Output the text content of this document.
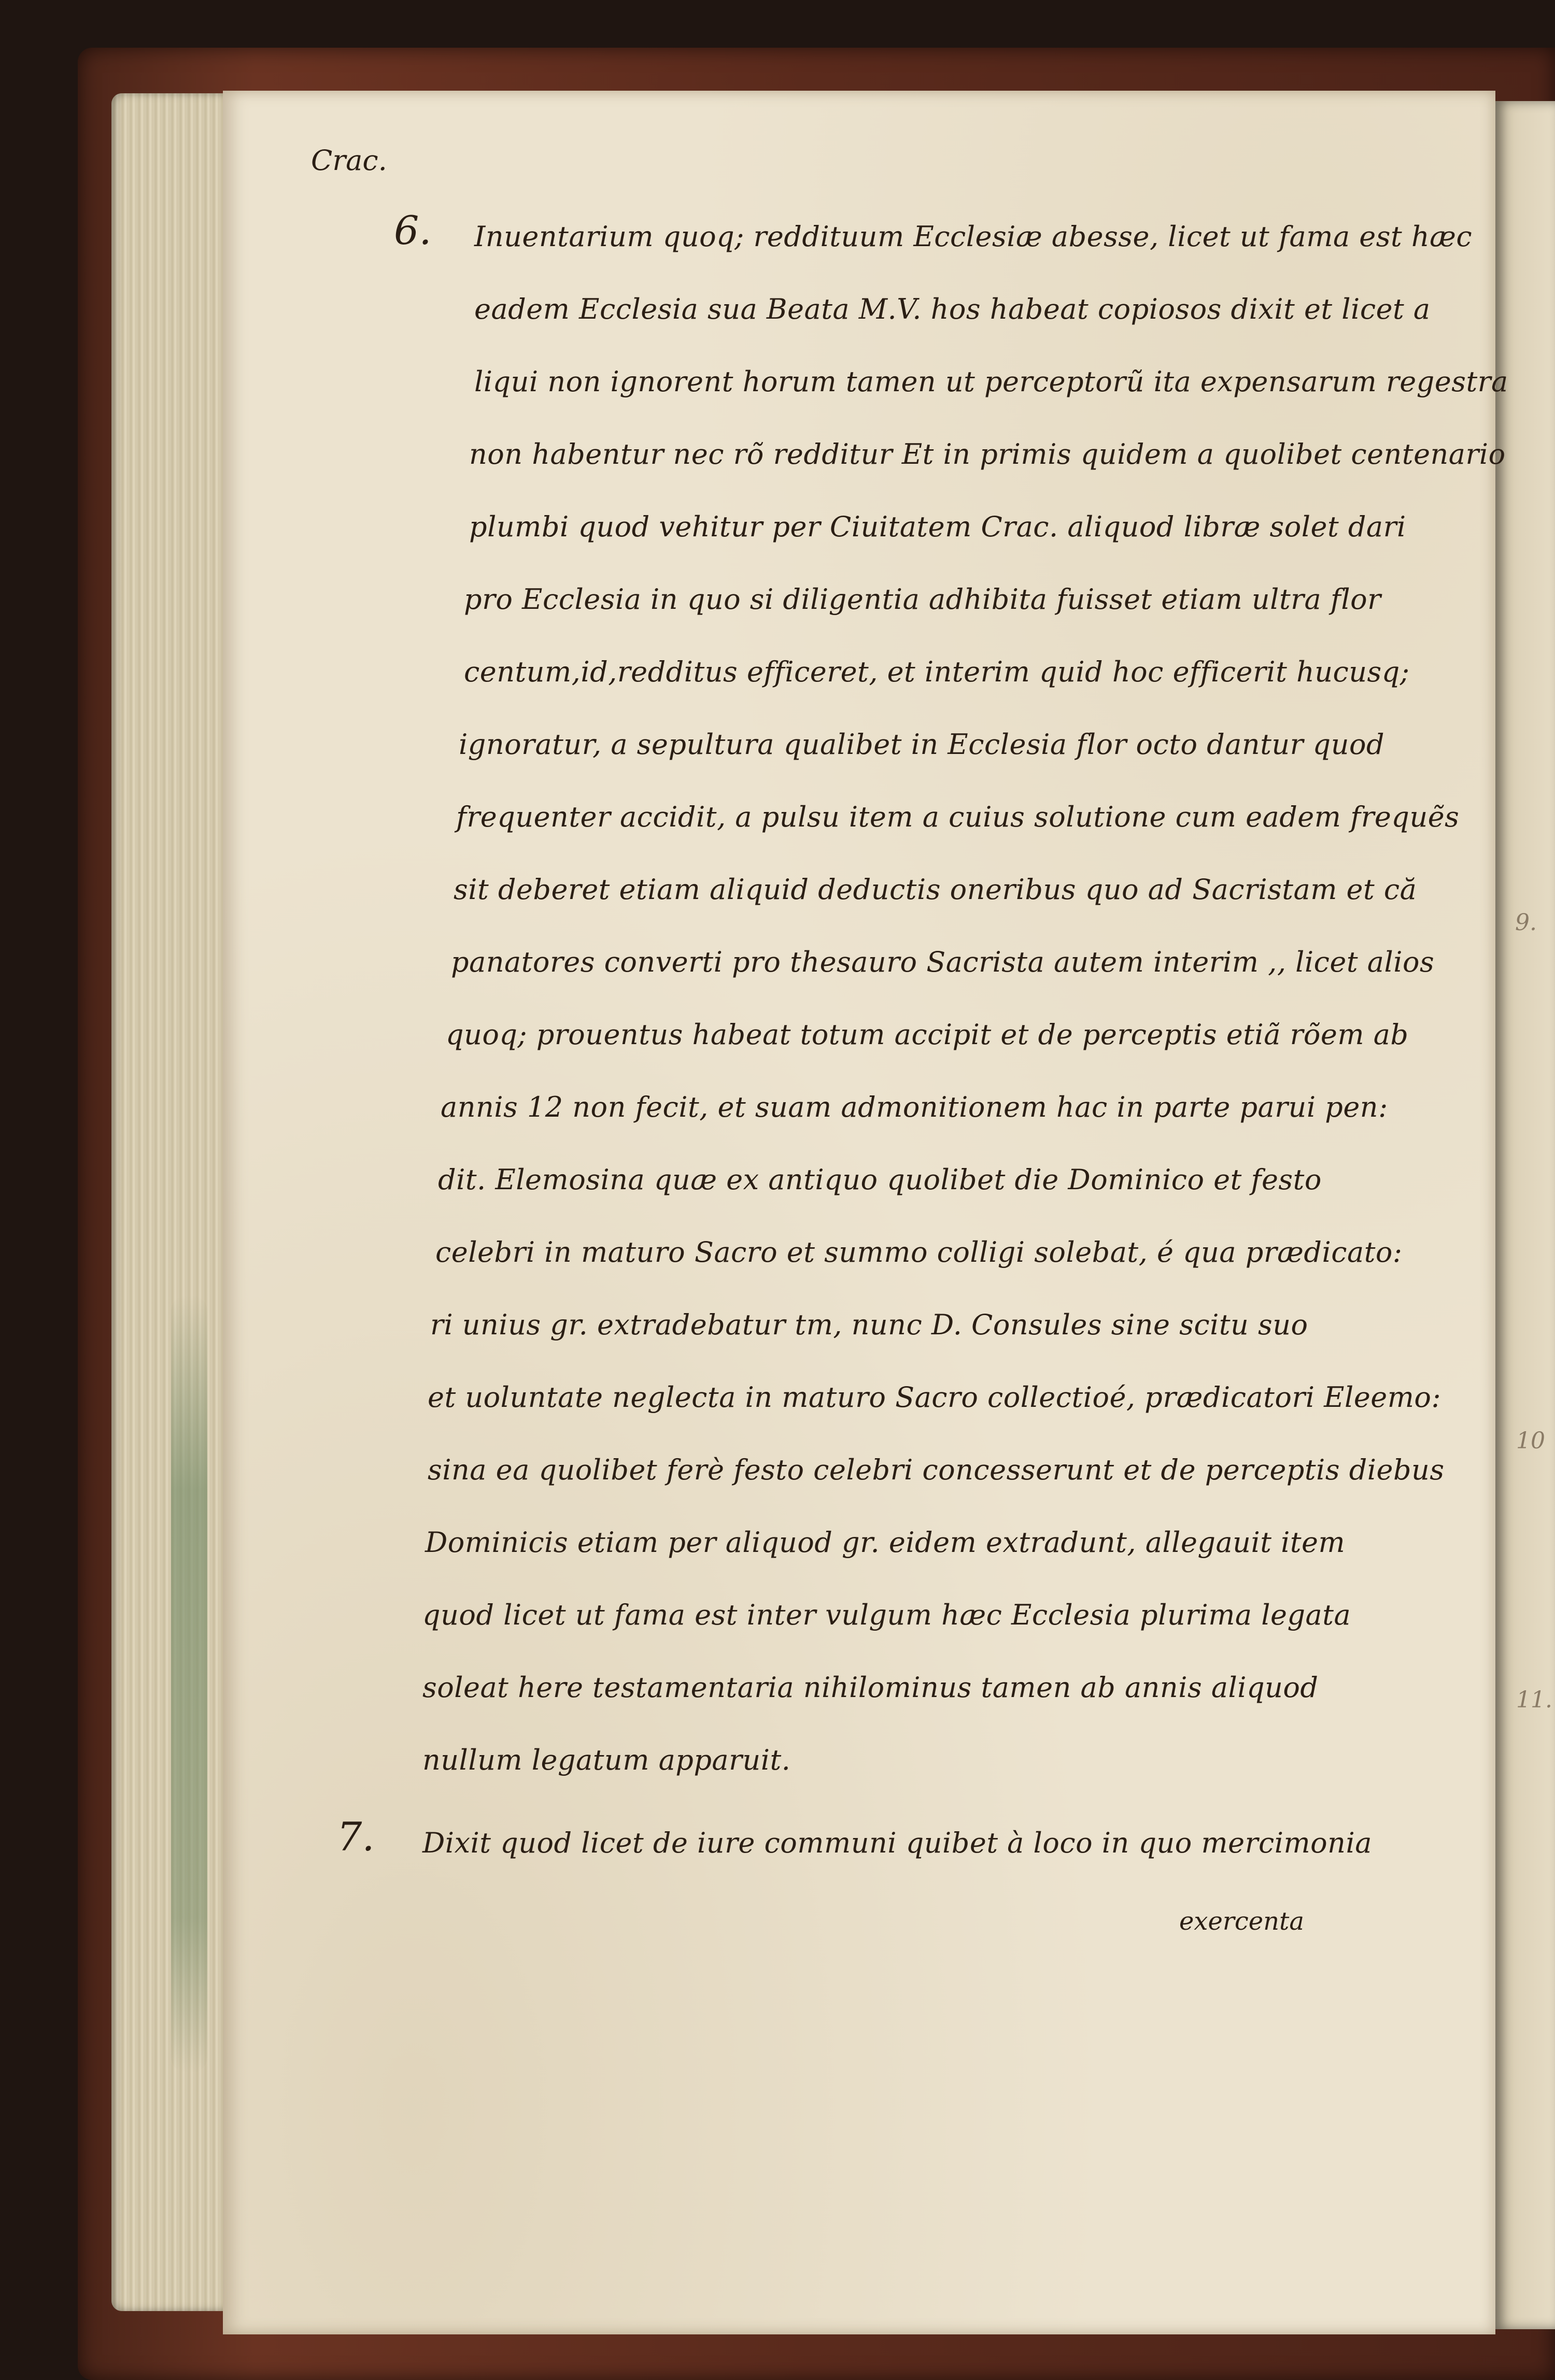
9.
10
11.
Crac.
6. Inuentarium quoq; reddituum Ecclesiæ abesse, licet ut fama est hæc
eadem Ecclesia sua Beata M.V. hos habeat copiosos dixit et licet a
liqui non ignorent horum tamen ut perceptorũ ita expensarum regestra
non habentur nec rõ redditur Et in primis quidem a quolibet centenario
plumbi quod vehitur per Ciuitatem Crac. aliquod libræ solet dari
pro Ecclesia in quo si diligentia adhibita fuisset etiam ultra flor
centum,id,redditus efficeret, et interim quid hoc efficerit hucusq;
ignoratur, a sepultura qualibet in Ecclesia flor octo dantur quod
frequenter accidit, a pulsu item a cuius solutione cum eadem frequẽs
sit deberet etiam aliquid deductis oneribus quo ad Sacristam et că
panatores converti pro thesauro Sacrista autem interim ,, licet alios
quoq; prouentus habeat totum accipit et de perceptis etiã rõem ab
annis 12 non fecit, et suam admonitionem hac in parte parui pen:
dit. Elemosina quæ ex antiquo quolibet die Dominico et festo
celebri in maturo Sacro et summo colligi solebat, é qua prædicato:
ri unius gr. extradebatur tm, nunc D. Consules sine scitu suo
et uoluntate neglecta in maturo Sacro collectioé, prædicatori Eleemo:
sina ea quolibet ferè festo celebri concesserunt et de perceptis diebus
Dominicis etiam per aliquod gr. eidem extradunt, allegauit item
quod licet ut fama est inter vulgum hæc Ecclesia plurima legata
soleat here testamentaria nihilominus tamen ab annis aliquod
nullum legatum apparuit.
7. Dixit quod licet de iure communi quibet à loco in quo mercimonia
exercenta
